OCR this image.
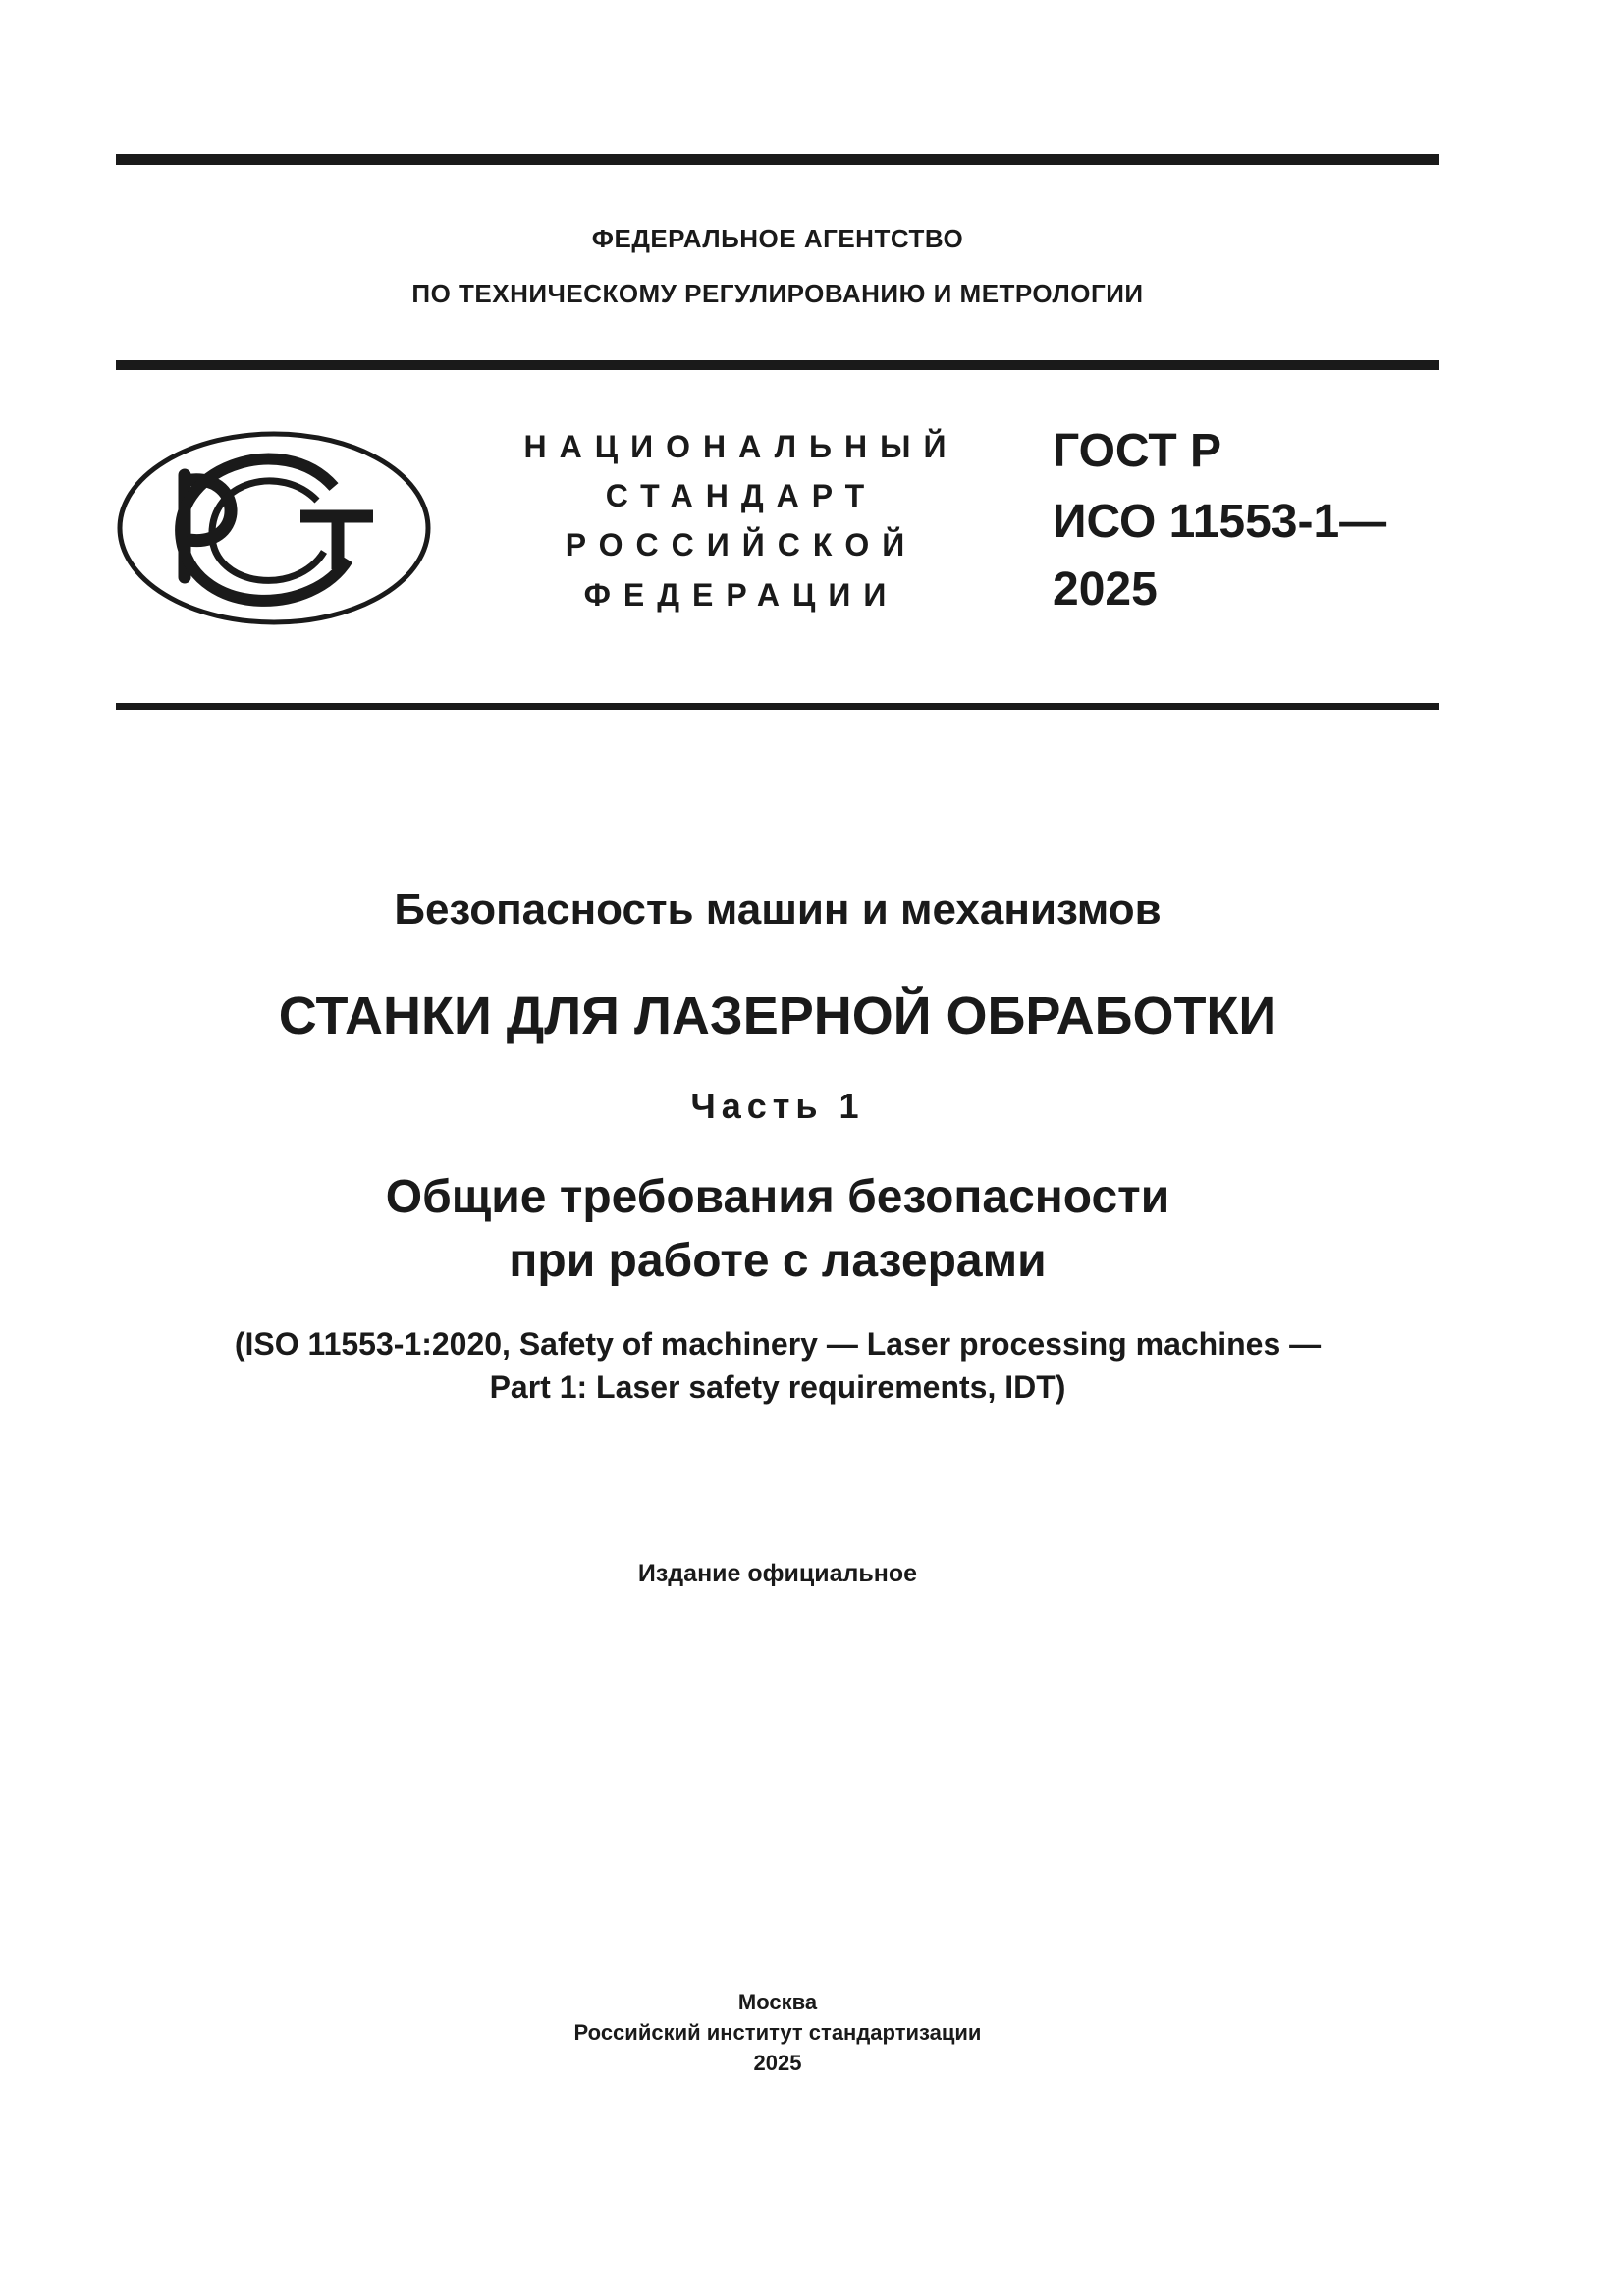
ФЕДЕРАЛЬНОЕ АГЕНТСТВО
ПО ТЕХНИЧЕСКОМУ РЕГУЛИРОВАНИЮ И МЕТРОЛОГИИ
НАЦИОНАЛЬНЫЙ
СТАНДАРТ
РОССИЙСКОЙ
ФЕДЕРАЦИИ
ГОСТ Р
ИСО 11553-1—
2025
Безопасность машин и механизмов
СТАНКИ ДЛЯ ЛАЗЕРНОЙ ОБРАБОТКИ
Часть 1
Общие требования безопасности
при работе с лазерами
(ISO 11553-1:2020, Safety of machinery — Laser processing machines —
Part 1: Laser safety requirements, IDT)
Издание официальное
Москва
Российский институт стандартизации
2025
